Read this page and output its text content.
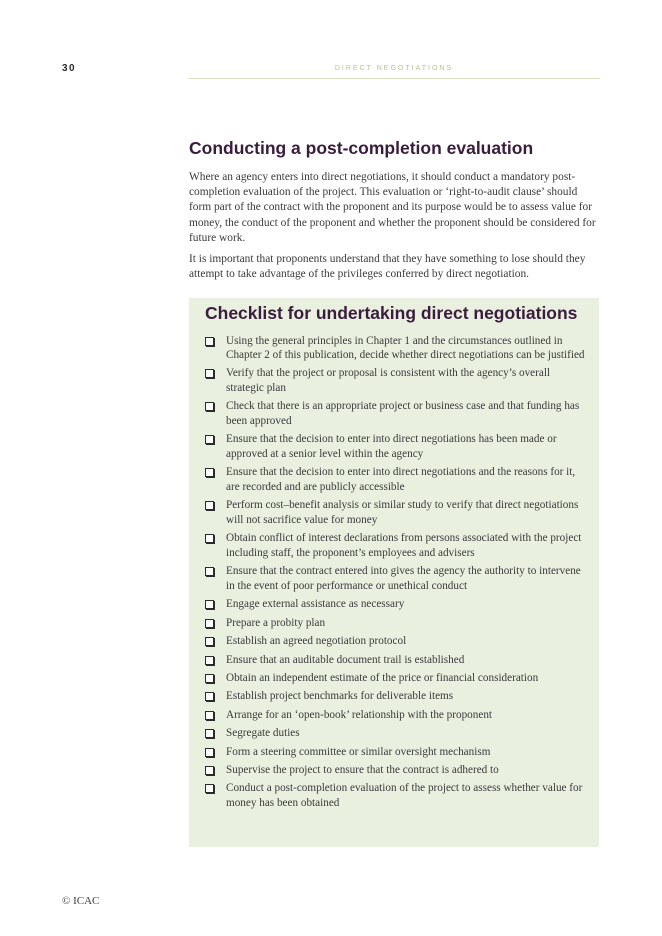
30	DIRECT NEGOTIATIONS
Conducting a post-completion evaluation

Where an agency enters into direct negotiations, it should conduct a mandatory post-completion evaluation of the project. This evaluation or ‘right-to-audit clause’ should form part of the contract with the proponent and its purpose would be to assess value for money, the conduct of the proponent and whether the proponent should be considered for future work.

It is important that proponents understand that they have something to lose should they attempt to take advantage of the privileges conferred by direct negotiation.

Checklist for undertaking direct negotiations
Using the general principles in Chapter 1 and the circumstances outlined in Chapter 2 of this publication, decide whether direct negotiations can be justified
Verify that the project or proposal is consistent with the agency’s overall strategic plan
Check that there is an appropriate project or business case and that funding has been approved
Ensure that the decision to enter into direct negotiations has been made or approved at a senior level within the agency
Ensure that the decision to enter into direct negotiations and the reasons for it, are recorded and are publicly accessible
Perform cost–benefit analysis or similar study to verify that direct negotiations will not sacrifice value for money
Obtain conflict of interest declarations from persons associated with the project including staff, the proponent’s employees and advisers
Ensure that the contract entered into gives the agency the authority to intervene in the event of poor performance or unethical conduct
Engage external assistance as necessary
Prepare a probity plan
Establish an agreed negotiation protocol
Ensure that an auditable document trail is established
Obtain an independent estimate of the price or financial consideration
Establish project benchmarks for deliverable items
Arrange for an ‘open-book’ relationship with the proponent
Segregate duties
Form a steering committee or similar oversight mechanism
Supervise the project to ensure that the contract is adhered to
Conduct a post-completion evaluation of the project to assess whether value for money has been obtained
© ICAC
